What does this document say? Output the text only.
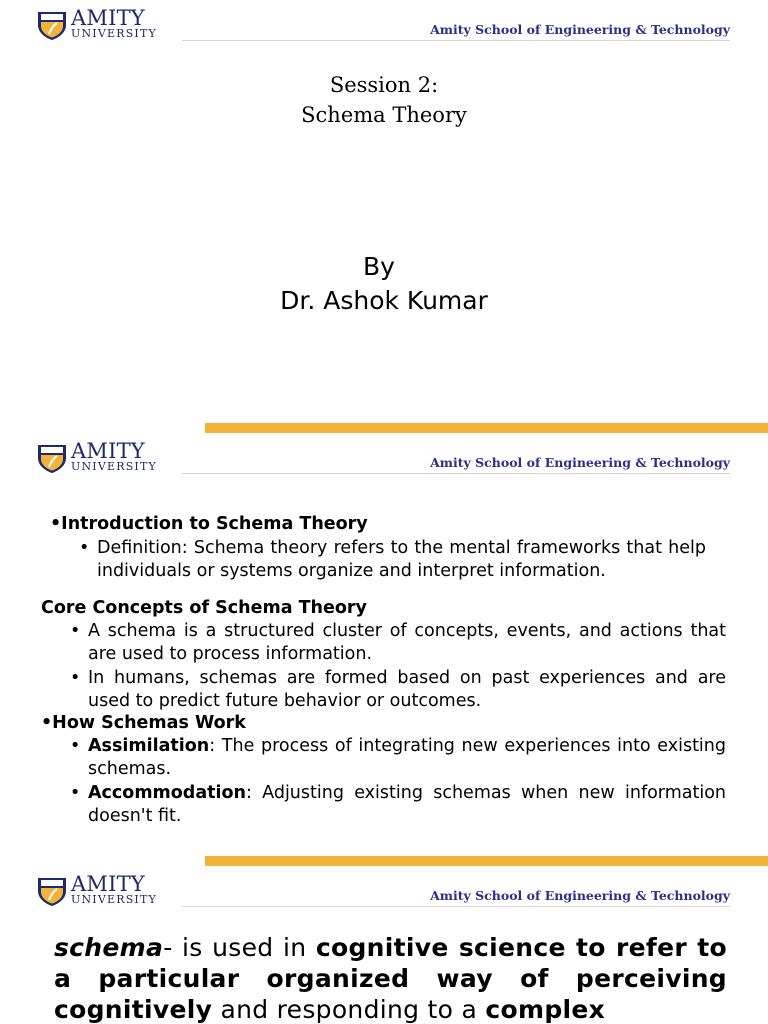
AMITY
UNIVERSITY	Amity School of Engineering & Technology
Session 2:
Schema Theory
By
Dr. Ashok Kumar
AMITY
UNIVERSITY	Amity School of Engineering & Technology
•Introduction to Schema Theory
• Definition: Schema theory refers to the mental frameworks that help individuals or systems organize and interpret information.
Core Concepts of Schema Theory
• A schema is a structured cluster of concepts, events, and actions that are used to process information.
• In humans, schemas are formed based on past experiences and are used to predict future behavior or outcomes.
•How Schemas Work
• Assimilation: The process of integrating new experiences into existing schemas.
• Accommodation: Adjusting existing schemas when new information doesn't fit.
AMITY
UNIVERSITY	Amity School of Engineering & Technology
schema- is used in cognitive science to refer to a particular organized way of perceiving cognitively and responding to a complex
